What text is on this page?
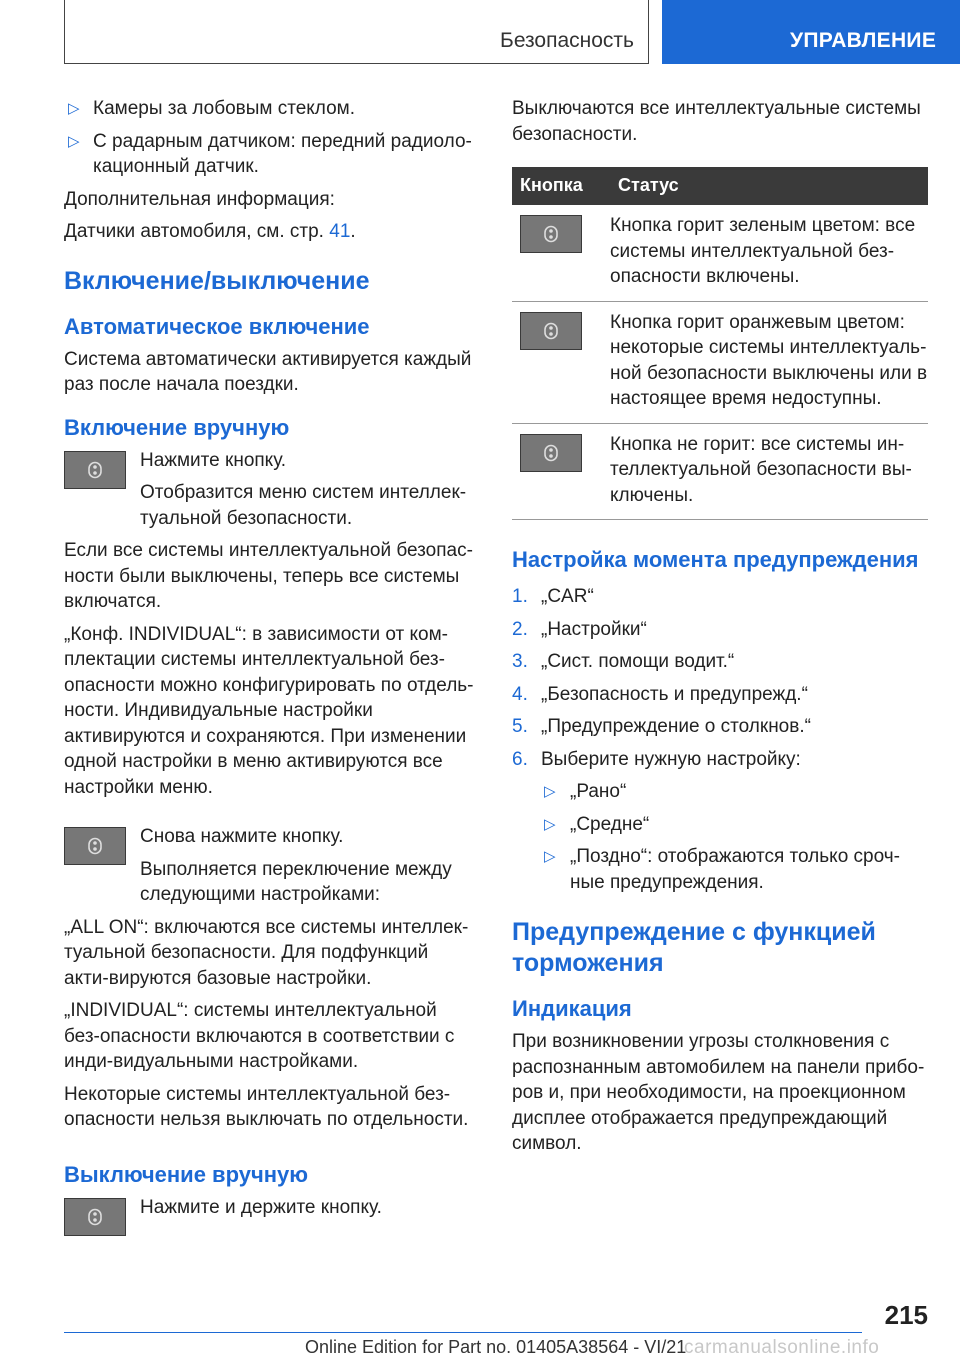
Безопасность	УПРАВЛЕНИЕ
▷ Камеры за лобовым стеклом.
▷ С радарным датчиком: передний радиоло-кационный датчик.

Дополнительная информация:

Датчики автомобиля, см. стр. 41.

Включение/выключение
Автоматическое включение

Система автоматически активируется каждый раз после начала поездки.

Включение вручную

Нажмите кнопку.

Отобразится меню систем интеллек-туальной безопасности.

Если все системы интеллектуальной безопас-ности были выключены, теперь все системы включатся.

„Конф. INDIVIDUAL“: в зависимости от ком-плектации системы интеллектуальной без-опасности можно конфигурировать по отдель-ности. Индивидуальные настройки активируются и сохраняются. При изменении одной настройки в меню активируются все настройки меню.

Снова нажмите кнопку.

Выполняется переключение между следующими настройками:

„ALL ON“: включаются все системы интеллек-туальной безопасности. Для подфункций акти-вируются базовые настройки.

„INDIVIDUAL“: системы интеллектуальной без-опасности включаются в соответствии с инди-видуальными настройками.

Некоторые системы интеллектуальной без-опасности нельзя выключать по отдельности.

Выключение вручную

Нажмите и держите кнопку.

Выключаются все интеллектуальные системы безопасности.

Кнопка	Статус

	Кнопка горит зеленым цветом: все системы интеллектуальной без-опасности включены.

	Кнопка горит оранжевым цветом: некоторые системы интеллектуаль-ной безопасности выключены или в настоящее время недоступны.

	Кнопка не горит: все системы ин-теллектуальной безопасности вы-ключены.
Настройка момента предупреждения
1. „CAR“
2. „Настройки“
3. „Сист. помощи водит.“
4. „Безопасность и предупрежд.“
5. „Предупреждение о столкнов.“
6. Выберите нужную настройку:
▷ „Рано“
▷ „Средне“
▷ „Поздно“: отображаются только сроч-ные предупреждения.
Предупреждение с функцией торможения
Индикация

При возникновении угрозы столкновения с распознанным автомобилем на панели прибо-ров и, при необходимости, на проекционном дисплее отображается предупреждающий символ.

215
Online Edition for Part no. 01405A38564 - VI/21
carmanualsonline.info
